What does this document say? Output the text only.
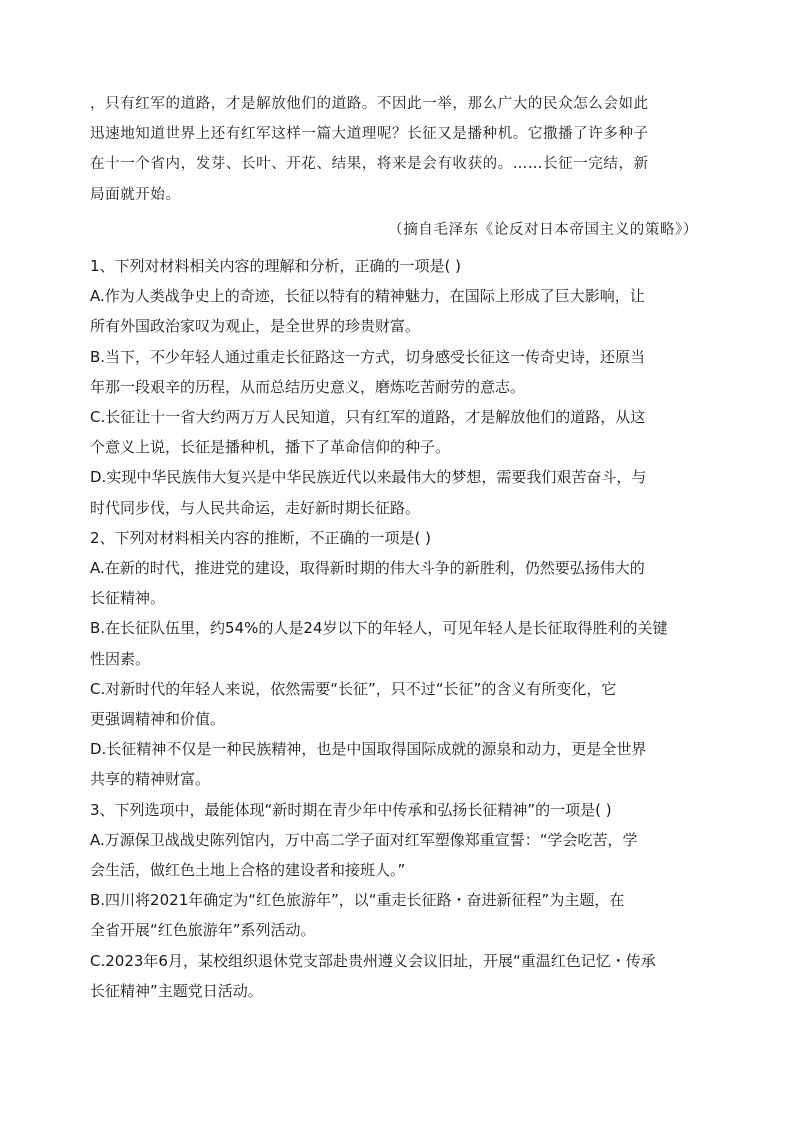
，只有红军的道路，才是解放他们的道路。不因此一举，那么广大的民众怎么会如此
迅速地知道世界上还有红军这样一篇大道理呢？长征又是播种机。它撒播了许多种子
在十一个省内，发芽、长叶、开花、结果，将来是会有收获的。……长征一完结，新
局面就开始。
（摘自毛泽东《论反对日本帝国主义的策略》）
1、下列对材料相关内容的理解和分析，正确的一项是( )
A.作为人类战争史上的奇迹，长征以特有的精神魅力，在国际上形成了巨大影响，让
所有外国政治家叹为观止，是全世界的珍贵财富。
B.当下，不少年轻人通过重走长征路这一方式，切身感受长征这一传奇史诗，还原当
年那一段艰辛的历程，从而总结历史意义，磨炼吃苦耐劳的意志。
C.长征让十一省大约两万万人民知道，只有红军的道路，才是解放他们的道路，从这
个意义上说，长征是播种机，播下了革命信仰的种子。
D.实现中华民族伟大复兴是中华民族近代以来最伟大的梦想，需要我们艰苦奋斗，与
时代同步伐，与人民共命运，走好新时期长征路。
2、下列对材料相关内容的推断，不正确的一项是( )
A.在新的时代，推进党的建设，取得新时期的伟大斗争的新胜利，仍然要弘扬伟大的
长征精神。
B.在长征队伍里，约54%的人是24岁以下的年轻人，可见年轻人是长征取得胜利的关键
性因素。
C.对新时代的年轻人来说，依然需要“长征”，只不过“长征”的含义有所变化，它
更强调精神和价值。
D.长征精神不仅是一种民族精神，也是中国取得国际成就的源泉和动力，更是全世界
共享的精神财富。
3、下列选项中，最能体现“新时期在青少年中传承和弘扬长征精神”的一项是( )
A.万源保卫战战史陈列馆内，万中高二学子面对红军塑像郑重宣誓：“学会吃苦，学
会生活，做红色土地上合格的建设者和接班人。”
B.四川将2021年确定为“红色旅游年”，以“重走长征路・奋进新征程”为主题，在
全省开展“红色旅游年”系列活动。
C.2023年6月，某校组织退休党支部赴贵州遵义会议旧址，开展“重温红色记忆・传承
长征精神”主题党日活动。
